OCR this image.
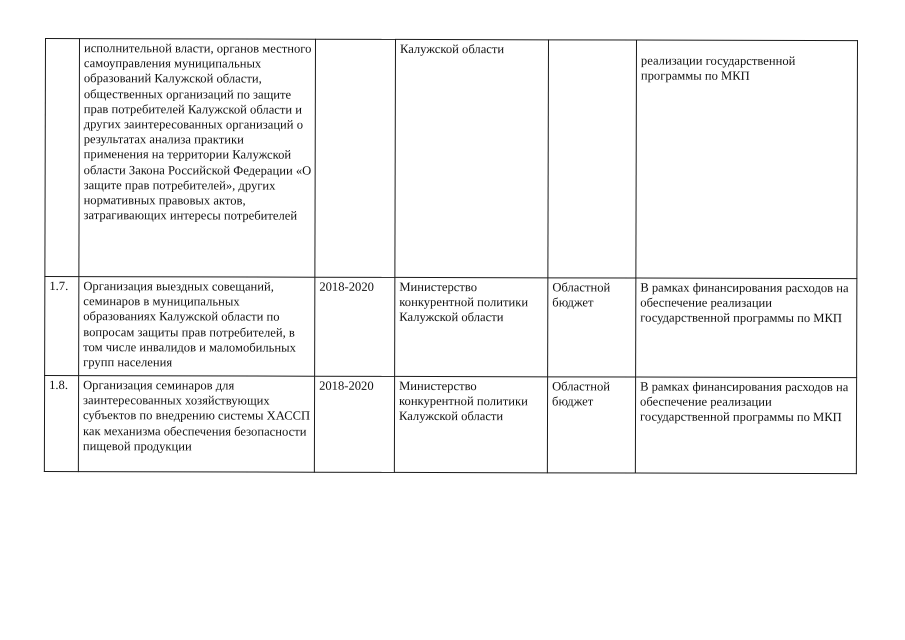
	исполнительной власти, органов местного самоуправления муниципальных образований Калужской области, общественных организаций по защите прав потребителей Калужской области и других заинтересованных организаций о результатах анализа практики применения на территории Калужской области Закона Российской Федерации «О защите прав потребителей», других нормативных правовых актов, затрагивающих интересы потребителей		Калужской области		реализации государственной программы по МКП
1.7.	Организация выездных совещаний, семинаров в муниципальных образованиях Калужской области по вопросам защиты прав потребителей, в том числе инвалидов и маломобильных групп населения	2018-2020	Министерство конкурентной политики Калужской области	Областной бюджет	В рамках финансирования расходов на обеспечение реализации государственной программы по МКП
1.8.	Организация семинаров для заинтересованных хозяйствующих субъектов по внедрению системы ХАССП как механизма обеспечения безопасности пищевой продукции	2018-2020	Министерство конкурентной политики Калужской области	Областной бюджет	В рамках финансирования расходов на обеспечение реализации государственной программы по МКП
